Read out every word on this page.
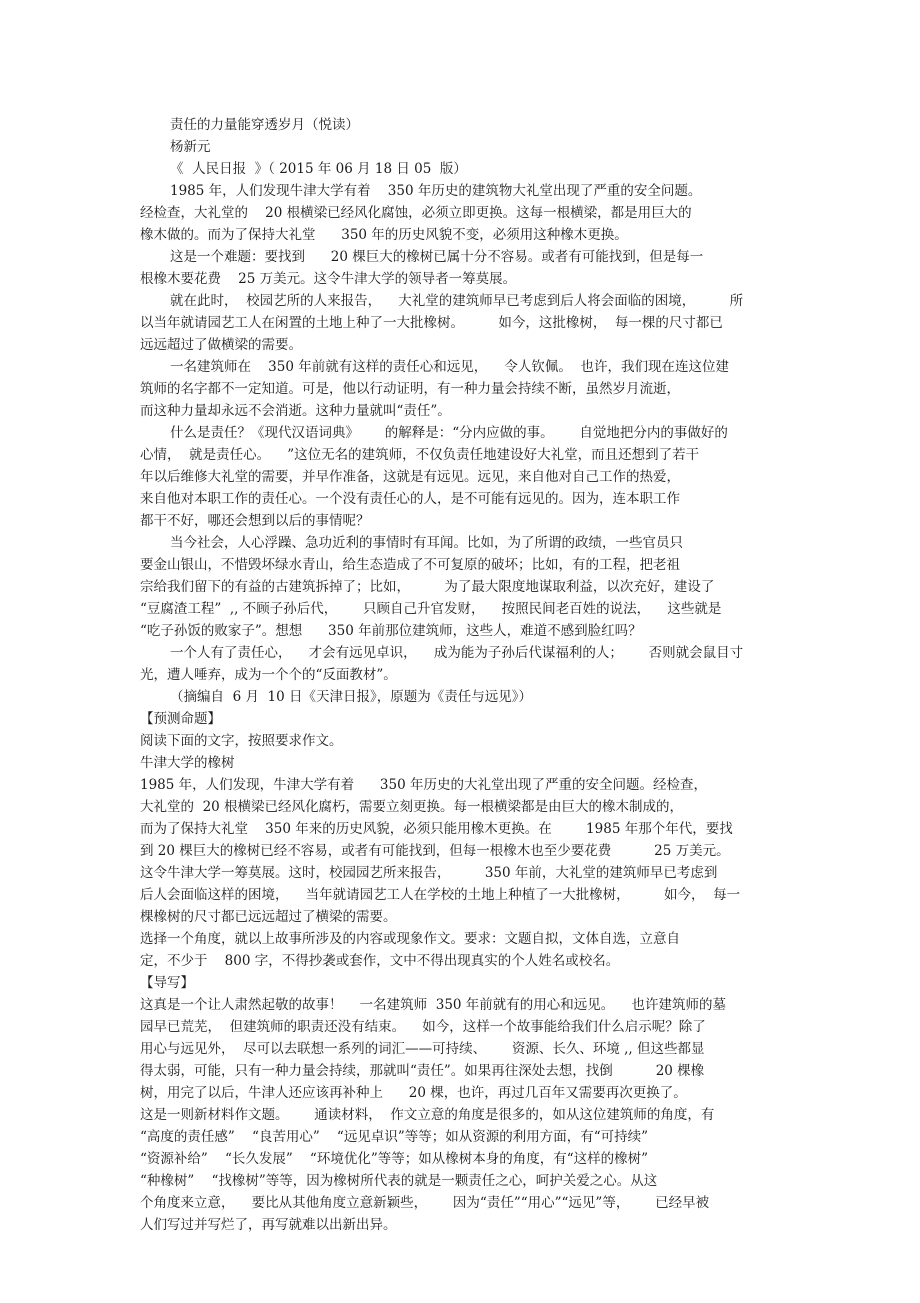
责任的力量能穿透岁月（悦读）
杨新元
《  人民日报  》（ 2015 年 06 月 18 日 05  版）
1985 年，人们发现牛津大学有着    350 年历史的建筑物大礼堂出现了严重的安全问题。
经检查，大礼堂的    20 根横梁已经风化腐蚀，必须立即更换。这每一根横梁，都是用巨大的
橡木做的。而为了保持大礼堂      350 年的历史风貌不变，必须用这种橡木更换。
这是一个难题：要找到      20 棵巨大的橡树已属十分不容易。或者有可能找到，但是每一
根橡木要花费    25 万美元。这令牛津大学的领导者一筹莫展。
就在此时，  校园艺所的人来报告，    大礼堂的建筑师早已考虑到后人将会面临的困境，        所
以当年就请园艺工人在闲置的土地上种了一大批橡树。        如今，这批橡树，  每一棵的尺寸都已
远远超过了做横梁的需要。
一名建筑师在    350 年前就有这样的责任心和远见，    令人钦佩。  也许，我们现在连这位建
筑师的名字都不一定知道。可是，他以行动证明，有一种力量会持续不断，虽然岁月流逝，
而这种力量却永远不会消逝。这种力量就叫“责任”。
什么是责任？《现代汉语词典》      的解释是：“分内应做的事。      自觉地把分内的事做好的
心情，  就是责任心。    ”这位无名的建筑师，不仅负责任地建设好大礼堂，而且还想到了若干
年以后维修大礼堂的需要，并早作准备，这就是有远见。远见，来自他对自己工作的热爱，
来自他对本职工作的责任心。一个没有责任心的人，是不可能有远见的。因为，连本职工作
都干不好，哪还会想到以后的事情呢？
当今社会，人心浮躁、急功近利的事情时有耳闻。比如，为了所谓的政绩，一些官员只
要金山银山，不惜毁坏绿水青山，给生态造成了不可复原的破坏；比如，有的工程，把老祖
宗给我们留下的有益的古建筑拆掉了；比如，        为了最大限度地谋取利益，以次充好，建设了
“豆腐渣工程”  ,, 不顾子孙后代，      只顾自己升官发财，    按照民间老百姓的说法，    这些就是
“吃子孙饭的败家子”。想想      350 年前那位建筑师，这些人，难道不感到脸红吗？
一个人有了责任心，    才会有远见卓识，    成为能为子孙后代谋福利的人；      否则就会鼠目寸
光，遭人唾弃，成为一个个的“反面教材”。
（摘编自  6 月  10 日《天津日报》，原题为《责任与远见》）
【预测命题】
阅读下面的文字，按照要求作文。
牛津大学的橡树
1985 年，人们发现，牛津大学有着      350 年历史的大礼堂出现了严重的安全问题。经检查，
大礼堂的  20 根横梁已经风化腐朽，需要立刻更换。每一根横梁都是由巨大的橡木制成的，
而为了保持大礼堂    350 年来的历史风貌，必须只能用橡木更换。在        1985 年那个年代，要找
到 20 棵巨大的橡树已经不容易，或者有可能找到，但每一根橡木也至少要花费          25 万美元。
这令牛津大学一筹莫展。这时，校园园艺所来报告，        350 年前，大礼堂的建筑师早已考虑到
后人会面临这样的困境，    当年就请园艺工人在学校的土地上种植了一大批橡树，        如今，  每一
棵橡树的尺寸都已远远超过了横梁的需要。
选择一个角度，就以上故事所涉及的内容或现象作文。要求：文题自拟，文体自选，立意自
定，不少于    800 字，不得抄袭或套作，文中不得出现真实的个人姓名或校名。
【导写】
这真是一个让人肃然起敬的故事！    一名建筑师  350 年前就有的用心和远见。    也许建筑师的墓
园早已荒芜，  但建筑师的职责还没有结束。    如今，这样一个故事能给我们什么启示呢？除了
用心与远见外，  尽可以去联想一系列的词汇——可持续、      资源、长久、环境 ,, 但这些都显
得太弱，可能，只有一种力量会持续，那就叫“责任”。如果再往深处去想，找倒          20 棵橡
树，用完了以后，牛津人还应该再补种上      20 棵，也许，再过几百年又需要再次更换了。
这是一则新材料作文题。      通读材料，  作文立意的角度是很多的，如从这位建筑师的角度，有
“高度的责任感”    “良苦用心”    “远见卓识”等等；如从资源的利用方面，有“可持续”
“资源补给”    “长久发展”    “环境优化”等等；如从橡树本身的角度，有“这样的橡树”
“种橡树”    “找橡树”等等，因为橡树所代表的就是一颗责任之心，呵护关爱之心。从这
个角度来立意，    要比从其他角度立意新颖些，      因为“责任”“用心”“远见”等，      已经早被
人们写过并写烂了，再写就难以出新出异。
